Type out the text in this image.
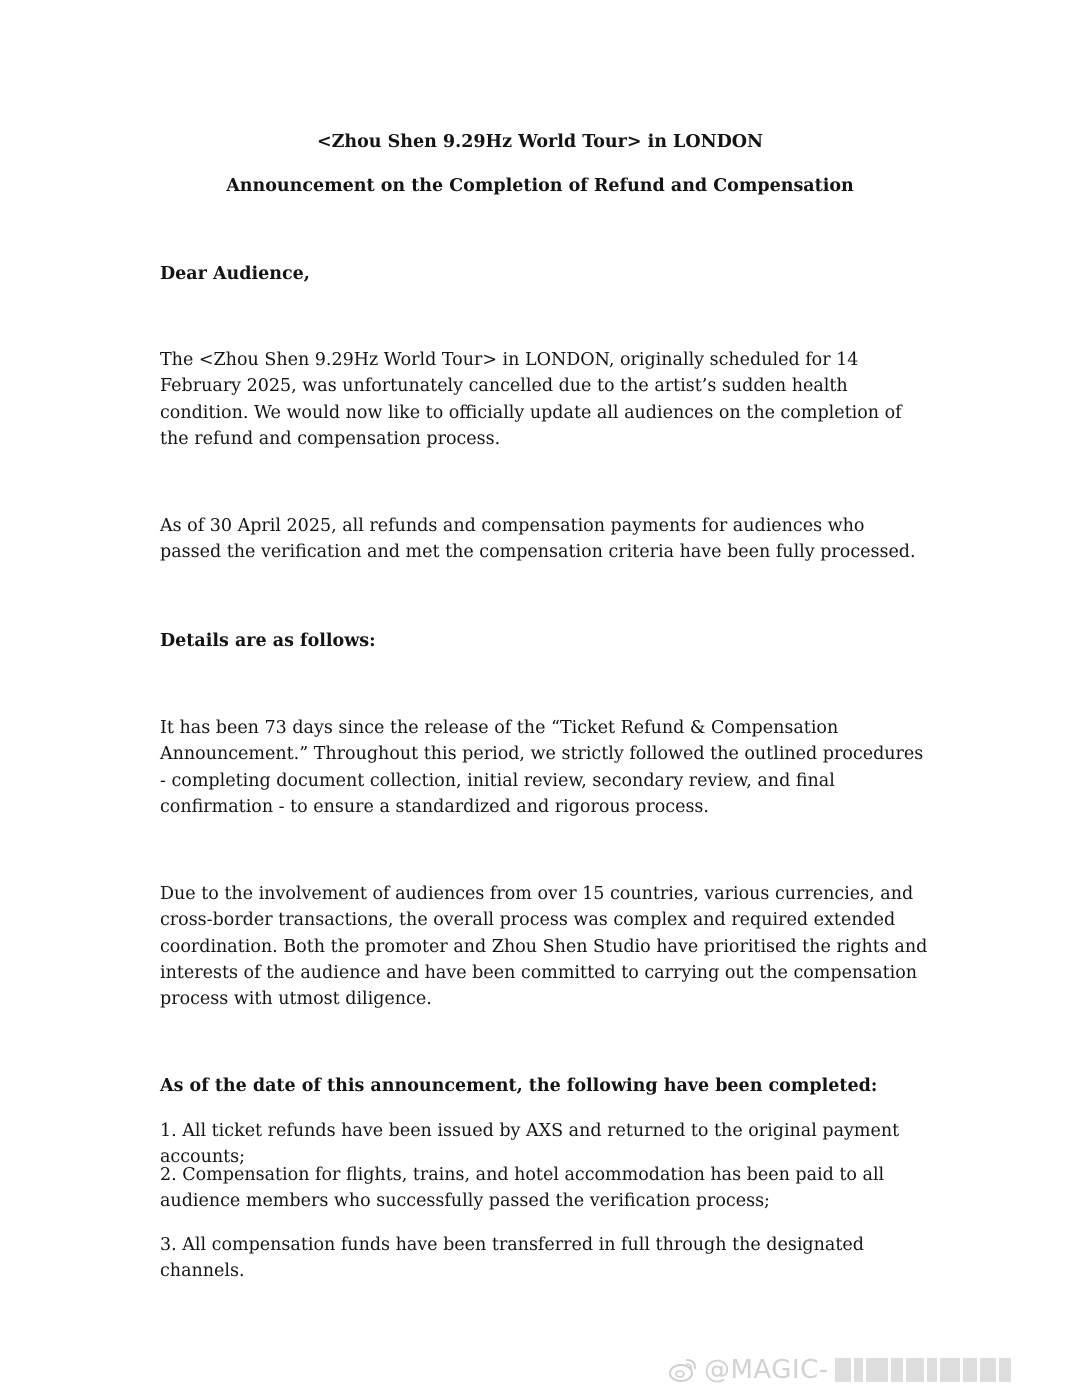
<Zhou Shen 9.29Hz World Tour> in LONDON
Announcement on the Completion of Refund and Compensation
Dear Audience,
The <Zhou Shen 9.29Hz World Tour> in LONDON, originally scheduled for 14 February 2025, was unfortunately cancelled due to the artist’s sudden health condition. We would now like to officially update all audiences on the completion of the refund and compensation process.
As of 30 April 2025, all refunds and compensation payments for audiences who passed the verification and met the compensation criteria have been fully processed.
Details are as follows:
It has been 73 days since the release of the “Ticket Refund & Compensation Announcement.” Throughout this period, we strictly followed the outlined procedures - completing document collection, initial review, secondary review, and final confirmation - to ensure a standardized and rigorous process.
Due to the involvement of audiences from over 15 countries, various currencies, and cross-border transactions, the overall process was complex and required extended coordination. Both the promoter and Zhou Shen Studio have prioritised the rights and interests of the audience and have been committed to carrying out the compensation process with utmost diligence.
As of the date of this announcement, the following have been completed:
1. All ticket refunds have been issued by AXS and returned to the original payment accounts;
2. Compensation for flights, trains, and hotel accommodation has been paid to all audience members who successfully passed the verification process;
3. All compensation funds have been transferred in full through the designated channels.
@MAGIC-
